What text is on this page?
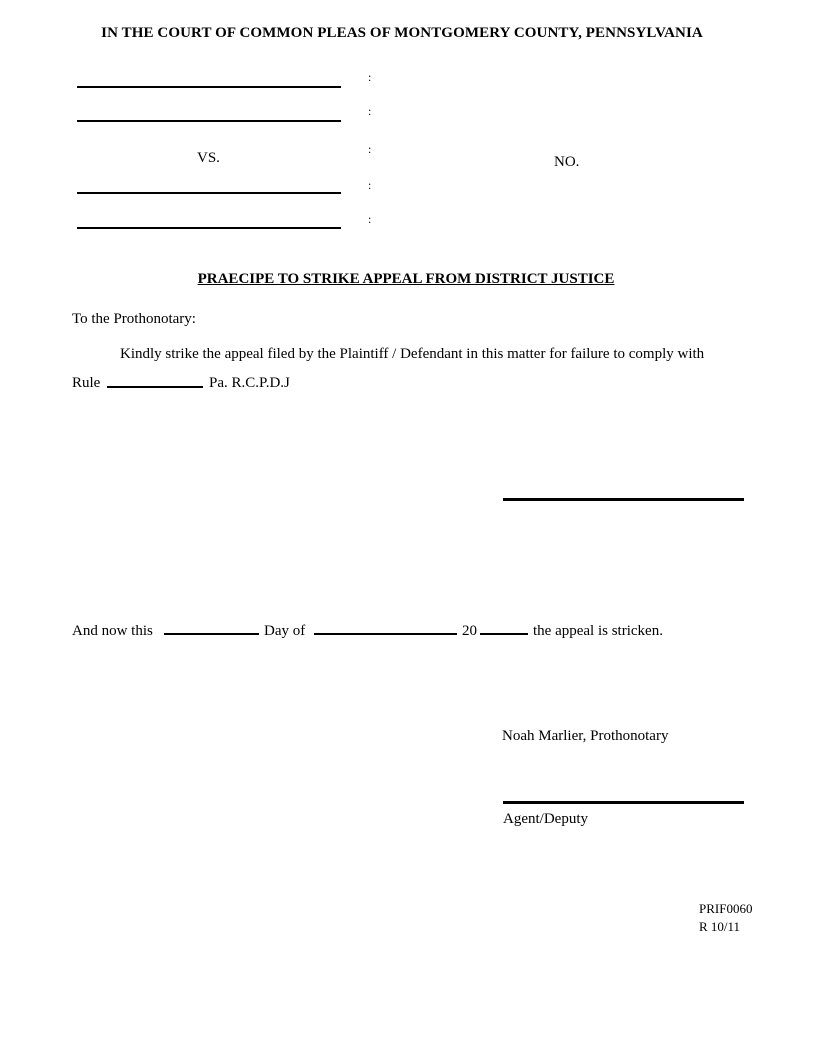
IN THE COURT OF COMMON PLEAS OF MONTGOMERY COUNTY, PENNSYLVANIA
VS.
:
:
:
:
:
NO.
PRAECIPE TO STRIKE APPEAL FROM DISTRICT JUSTICE
To the Prothonotary:
Kindly strike the appeal filed by the Plaintiff / Defendant in this matter for failure to comply with
Rule	Pa. R.C.P.D.J
And now this	Day of	20	the appeal is stricken.
Noah Marlier, Prothonotary
Agent/Deputy
PRIF0060
R 10/11
